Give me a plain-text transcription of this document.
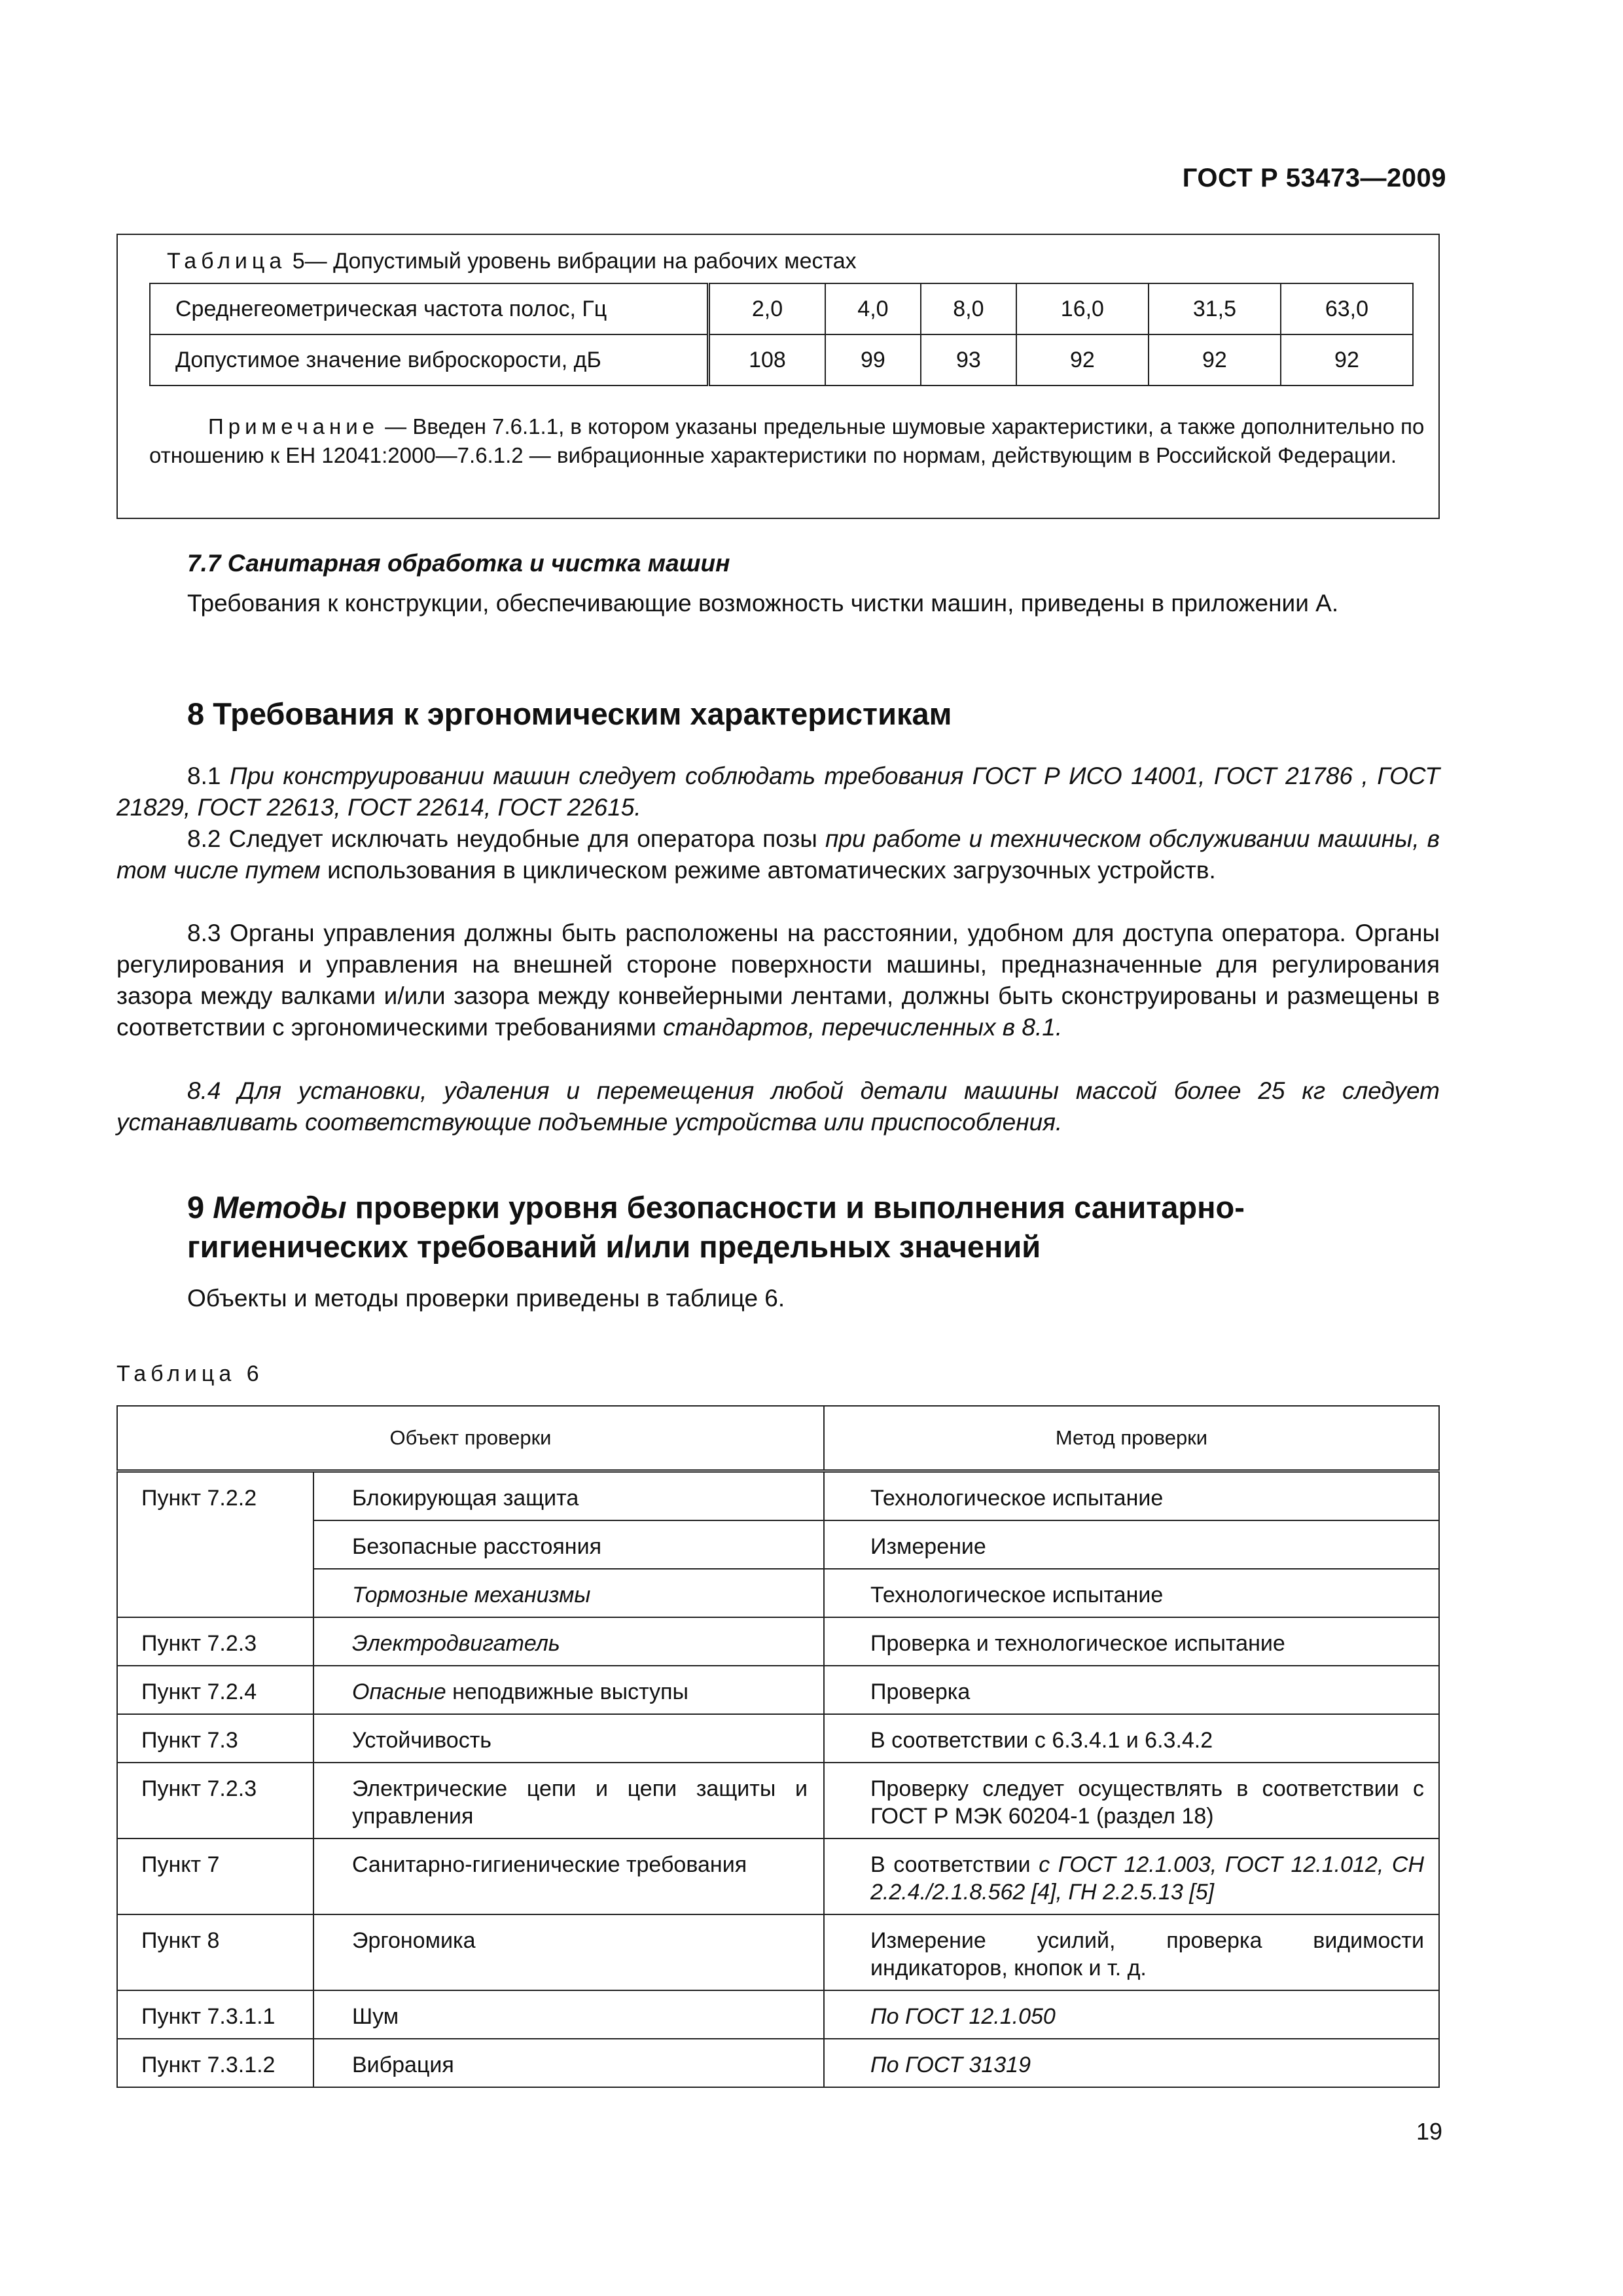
ГОСТ Р 53473—2009
Таблица 5— Допустимый уровень вибрации на рабочих местах
Среднегеометрическая частота полос, Гц	2,0	4,0	8,0	16,0	31,5	63,0
Допустимое значение виброскорости, дБ	108	99	93	92	92	92
Примечание — Введен 7.6.1.1, в котором указаны предельные шумовые характеристики, а также дополнительно по отношению к ЕН 12041:2000—7.6.1.2 — вибрационные характеристики по нормам, действующим в Российской Федерации.
7.7 Санитарная обработка и чистка машин
Требования к конструкции, обеспечивающие возможность чистки машин, приведены в приложении А.
8 Требования к эргономическим характеристикам
8.1 При конструировании машин следует соблюдать требования ГОСТ Р ИСО 14001, ГОСТ 21786 , ГОСТ 21829, ГОСТ 22613, ГОСТ 22614, ГОСТ 22615.
8.2 Следует исключать неудобные для оператора позы при работе и техническом обслуживании машины, в том числе путем использования в циклическом режиме автоматических загрузочных устройств.
8.3 Органы управления должны быть расположены на расстоянии, удобном для доступа оператора. Органы регулирования и управления на внешней стороне поверхности машины, предназначенные для регулирования зазора между валками и/или зазора между конвейерными лентами, должны быть сконструированы и размещены в соответствии с эргономическими требованиями стандартов, перечисленных в 8.1.
8.4 Для установки, удаления и перемещения любой детали машины массой более 25 кг следует устанавливать соответствующие подъемные устройства или приспособления.
9 Методы проверки уровня безопасности и выполнения санитарно-гигиенических требований и/или предельных значений
Объекты и методы проверки приведены в таблице 6.
Таблица 6
Объект проверки		Метод проверки
Пункт 7.2.2	Блокирующая защита	Технологическое испытание
	Безопасные расстояния	Измерение
	Тормозные механизмы	Технологическое испытание
Пункт 7.2.3	Электродвигатель	Проверка и технологическое испытание
Пункт 7.2.4	Опасные неподвижные выступы	Проверка
Пункт 7.3	Устойчивость	В соответствии с 6.3.4.1 и 6.3.4.2
Пункт 7.2.3	Электрические цепи и цепи защиты и управления	Проверку следует осуществлять в соответствии с ГОСТ Р МЭК 60204-1 (раздел 18)
Пункт 7	Санитарно-гигиенические требования	В соответствии с ГОСТ 12.1.003, ГОСТ 12.1.012, СН 2.2.4./2.1.8.562 [4], ГН 2.2.5.13 [5]
Пункт 8	Эргономика	Измерение усилий, проверка видимости индикаторов, кнопок и т. д.
Пункт 7.3.1.1	Шум	По ГОСТ 12.1.050
Пункт 7.3.1.2	Вибрация	По ГОСТ 31319
19
